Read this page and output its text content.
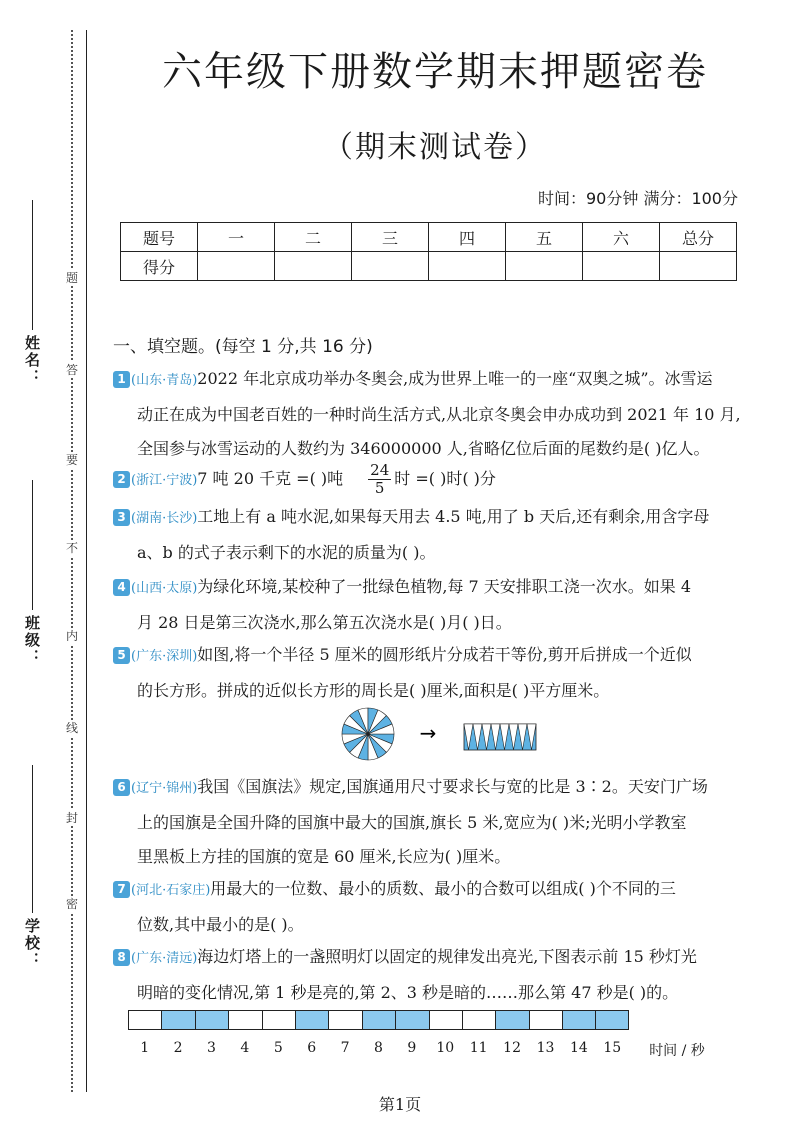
姓名：
班级：
学校：
题
答
要
不
内
线
封
密
六年级下册数学期末押题密卷
（期末测试卷）
时间：90分钟 满分：100分
题号	一	二	三	四	五	六	总分
得分							
一、填空题。(每空 1 分,共 16 分)
1 (山东·青岛)2022 年北京成功举办冬奥会,成为世界上唯一的一座“双奥之城”。冰雪运
动正在成为中国老百姓的一种时尚生活方式,从北京冬奥会申办成功到 2021 年 10 月,
全国参与冰雪运动的人数约为 346000000 人,省略亿位后面的尾数约是( )亿人。
2 (浙江·宁波)7 吨 20 千克 =( )吨 $\frac{24}{5}$ 时 =( )时( )分
3 (湖南·长沙)工地上有 a 吨水泥,如果每天用去 4.5 吨,用了 b 天后,还有剩余,用含字母
a、b 的式子表示剩下的水泥的质量为( )。
4 (山西·太原)为绿化环境,某校种了一批绿色植物,每 7 天安排职工浇一次水。如果 4
月 28 日是第三次浇水,那么第五次浇水是( )月( )日。
5 (广东·深圳)如图,将一个半径 5 厘米的圆形纸片分成若干等份,剪开后拼成一个近似
的长方形。拼成的近似长方形的周长是( )厘米,面积是( )平方厘米。
→
6 (辽宁·锦州)我国《国旗法》规定,国旗通用尺寸要求长与宽的比是 3∶2。天安门广场
上的国旗是全国升降的国旗中最大的国旗,旗长 5 米,宽应为( )米;光明小学教室
里黑板上方挂的国旗的宽是 60 厘米,长应为( )厘米。
7 (河北·石家庄)用最大的一位数、最小的质数、最小的合数可以组成( )个不同的三
位数,其中最小的是( )。
8 (广东·清远)海边灯塔上的一盏照明灯以固定的规律发出亮光,下图表示前 15 秒灯光
明暗的变化情况,第 1 秒是亮的,第 2、3 秒是暗的……那么第 47 秒是( )的。
1 2 3 4 5 6 7 8 9 10 11 12 13 14 15 时间 / 秒
第1页
